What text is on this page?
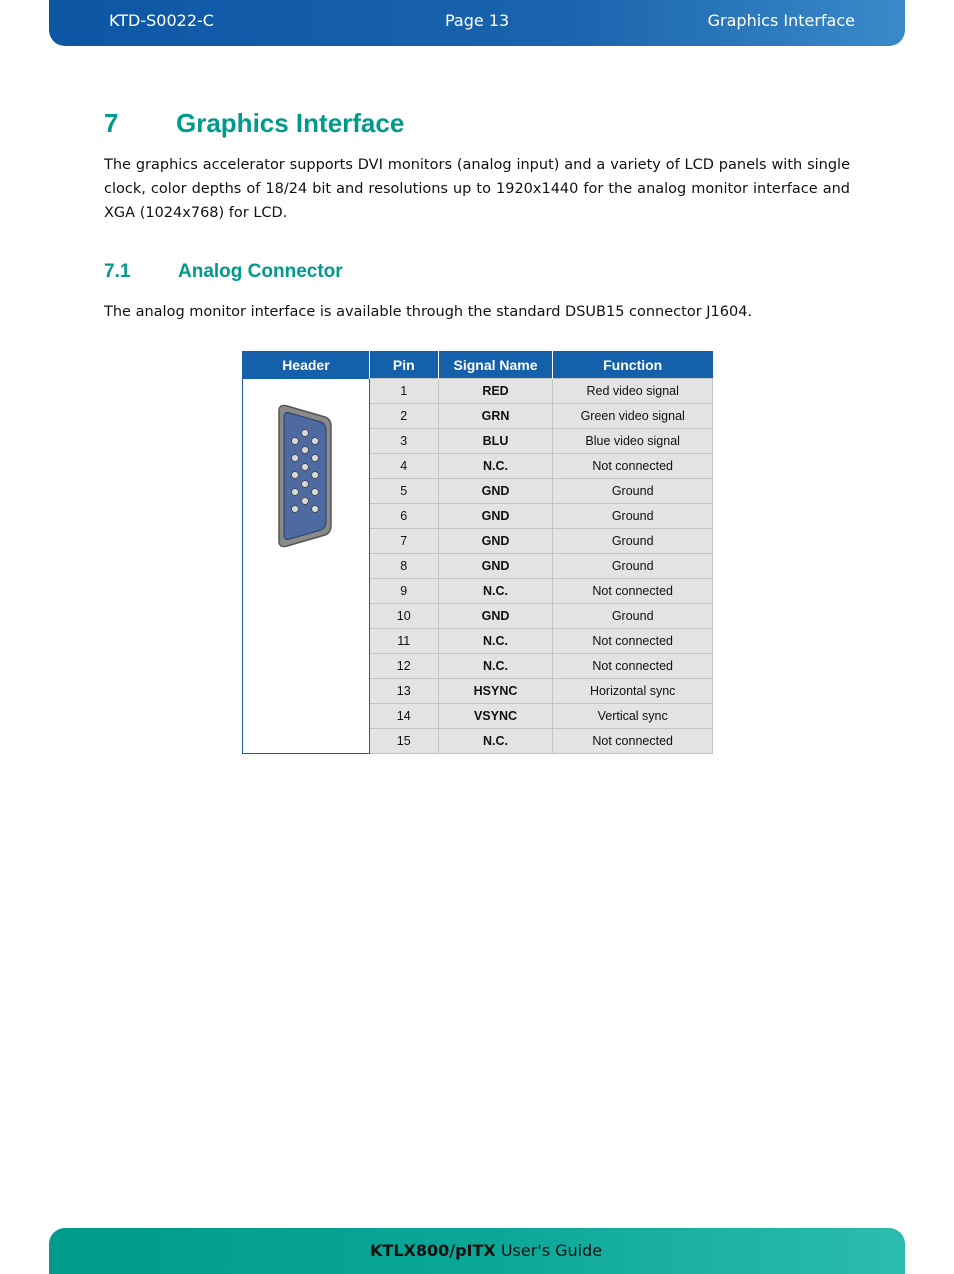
KTD-S0022-C	Page 13	Graphics Interface
7 Graphics Interface

The graphics accelerator supports DVI monitors (analog input) and a variety of LCD panels with single clock, color depths of 18/24 bit and resolutions up to 1920x1440 for the analog monitor interface and XGA (1024x768) for LCD.

7.1	Analog Connector

The analog monitor interface is available through the standard DSUB15 connector J1604.

Header	Pin	Signal Name	Function

	1	RED	Red video signal
	2	GRN	Green video signal
	3	BLU	Blue video signal
	4	N.C.	Not connected
	5	GND	Ground
	6	GND	Ground
	7	GND	Ground
	8	GND	Ground
	9	N.C.	Not connected
	10	GND	Ground
	11	N.C.	Not connected
	12	N.C.	Not connected
	13	HSYNC	Horizontal sync
	14	VSYNC	Vertical sync
	15	N.C.	Not connected
KTLX800/pITX User's Guide
